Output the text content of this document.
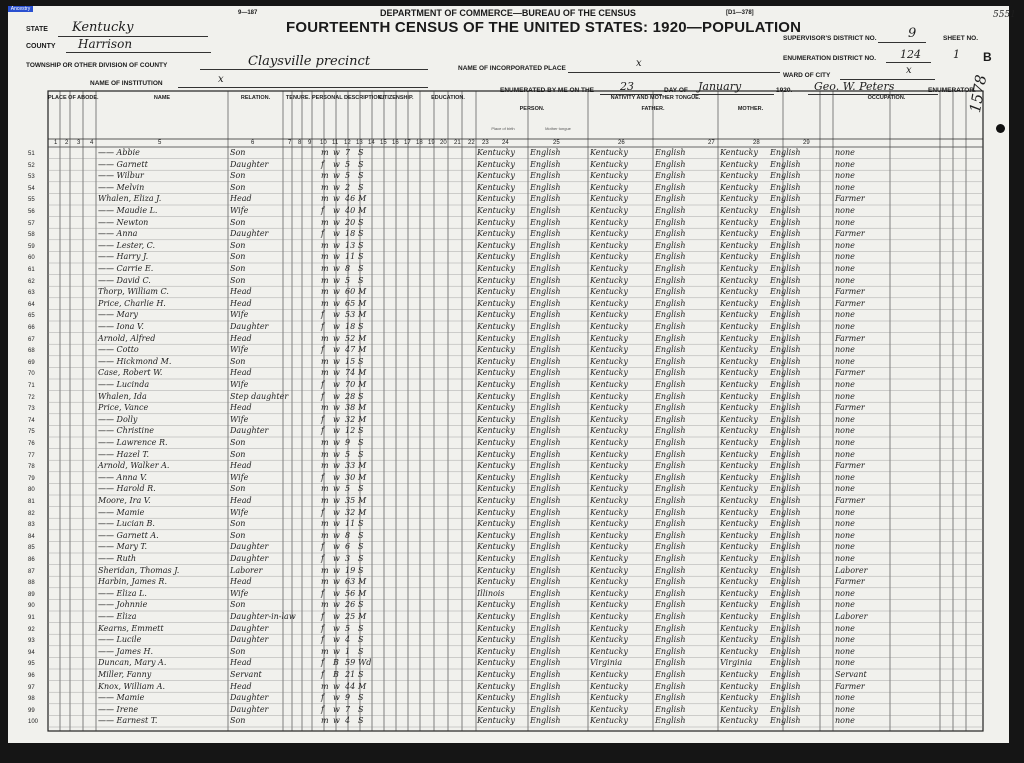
Ancestry
9—187	DEPARTMENT OF COMMERCE—BUREAU OF THE CENSUS	[D1—378]
FOURTEENTH CENSUS OF THE UNITED STATES: 1920—POPULATION
STATE Kentucky
COUNTY Harrison
TOWNSHIP OR OTHER DIVISION OF COUNTY	Claysville precinct
NAME OF INSTITUTION	x
NAME OF INCORPORATED PLACE	x
ENUMERATED BY ME ON THE 23	DAY OF January	1920. Geo. W. Peters	ENUMERATOR.
SUPERVISOR'S DISTRICT NO. 9	SHEET NO.
ENUMERATION DISTRICT NO. 124	1 B
WARD OF CITY	x
5551
1578
PLACE OF ABODE.	NAME	RELATION.	TENURE. PERSONAL DESCRIPTION.
CITIZENSHIP.	EDUCATION.	NATIVITY AND MOTHER TONGUE.
PERSON.	FATHER.	MOTHER.
OCCUPATION.
Place of birth	Mother tongue
1 2 3 4	5	6	7 8 9 10 11 12 13 14 15 16 17 18 19 20 21 22 23 24	25	26	27	28	29
51	—— Abbie	Son	m w 7 S	Kentucky English	Kentucky	English	Kentucky English	none
52	—— Garnett	Daughter	f w 5 S	Kentucky English	Kentucky	English	Kentucky English	none
53	—— Wilbur	Son	m w 5 S	Kentucky English	Kentucky	English	Kentucky English	none
54	—— Melvin	Son	m w 2 S	Kentucky English	Kentucky	English	Kentucky English	none
55	Whalen, Eliza J.	Head	m w 46 M	Kentucky English	Kentucky	English	Kentucky English	Farmer
56	—— Maudie L.	Wife	f w 40 M	Kentucky English	Kentucky	English	Kentucky English	none
57	—— Newton	Son	m w 20 S	Kentucky English	Kentucky	English	Kentucky English	none
58	—— Anna	Daughter	f w 18 S	Kentucky English	Kentucky	English	Kentucky English	Farmer
59	—— Lester, C.	Son	m w 13 S	Kentucky English	Kentucky	English	Kentucky English	none
60	—— Harry J.	Son	m w 11 S	Kentucky English	Kentucky	English	Kentucky English	none
61	—— Carrie E.	Son	m w 8 S	Kentucky English	Kentucky	English	Kentucky English	none
62	—— David C.	Son	m w 5 S	Kentucky English	Kentucky	English	Kentucky English	none
63	Thorp, William C.	Head	m w 60 M	Kentucky English	Kentucky	English	Kentucky English	Farmer
64	Price, Charlie H.	Head	m w 65 M	Kentucky English	Kentucky	English	Kentucky English	Farmer
65	—— Mary	Wife	f w 53 M	Kentucky English	Kentucky	English	Kentucky English	none
66	—— Iona V.	Daughter	f w 18 S	Kentucky English	Kentucky	English	Kentucky English	none
67	Arnold, Alfred	Head	m w 52 M	Kentucky English	Kentucky	English	Kentucky English	Farmer
68	—— Cotto	Wife	f w 47 M	Kentucky English	Kentucky	English	Kentucky English	none
69	—— Hickmond M.	Son	m w 15 S	Kentucky English	Kentucky	English	Kentucky English	none
70	Case, Robert W.	Head	m w 74 M	Kentucky English	Kentucky	English	Kentucky English	Farmer
71	—— Lucinda	Wife	f w 70 M	Kentucky English	Kentucky	English	Kentucky English	none
72	Whalen, Ida	Step daughter	f w 28 S	Kentucky English	Kentucky	English	Kentucky English	none
73	Price, Vance	Head	m w 38 M	Kentucky English	Kentucky	English	Kentucky English	Farmer
74	—— Dolly	Wife	f w 32 M	Kentucky English	Kentucky	English	Kentucky English	none
75	—— Christine	Daughter	f w 12 S	Kentucky English	Kentucky	English	Kentucky English	none
76	—— Lawrence R.	Son	m w 9 S	Kentucky English	Kentucky	English	Kentucky English	none
77	—— Hazel T.	Son	m w 5 S	Kentucky English	Kentucky	English	Kentucky English	none
78	Arnold, Walker A.	Head	m w 33 M	Kentucky English	Kentucky	English	Kentucky English	Farmer
79	—— Anna V.	Wife	f w 30 M	Kentucky English	Kentucky	English	Kentucky English	none
80	—— Harold R.	Son	m w 5 S	Kentucky English	Kentucky	English	Kentucky English	none
81	Moore, Ira V.	Head	m w 35 M	Kentucky English	Kentucky	English	Kentucky English	Farmer
82	—— Mamie	Wife	f w 32 M	Kentucky English	Kentucky	English	Kentucky English	none
83	—— Lucian B.	Son	m w 11 S	Kentucky English	Kentucky	English	Kentucky English	none
84	—— Garnett A.	Son	m w 8 S	Kentucky English	Kentucky	English	Kentucky English	none
85	—— Mary T.	Daughter	f w 6 S	Kentucky English	Kentucky	English	Kentucky English	none
86	—— Ruth	Daughter	f w 3 S	Kentucky English	Kentucky	English	Kentucky English	none
87	Sheridan, Thomas J.	Laborer	m w 19 S	Kentucky English	Kentucky	English	Kentucky English	Laborer
88	Harbin, James R.	Head	m w 63 M	Kentucky English	Kentucky	English	Kentucky English	Farmer
89	—— Eliza L.	Wife	f w 56 M	Illinois	English	Kentucky	English	Kentucky English	none
90	—— Johnnie	Son	m w 26 S	Kentucky English	Kentucky	English	Kentucky English	none
91	—— Eliza	Daughter-in-law	f w 25 M	Kentucky English	Kentucky	English	Kentucky English	Laborer
92	Kearns, Emmett	Daughter	f w 5 S	Kentucky English	Kentucky	English	Kentucky English	none
93	—— Lucile	Daughter	f w 4 S	Kentucky English	Kentucky	English	Kentucky English	none
94	—— James H.	Son	m w 1 S	Kentucky English	Kentucky	English	Kentucky English	none
95	Duncan, Mary A.	Head	f B 59 Wd	Kentucky English	Virginia	English	Virginia English	none
96	Miller, Fanny	Servant	f B 21 S	Kentucky English	Kentucky	English	Kentucky English	Servant
97	Knox, William A.	Head	m w 44 M	Kentucky English	Kentucky	English	Kentucky English	Farmer
98	—— Mamie	Daughter	f w 9 S	Kentucky English	Kentucky	English	Kentucky English	none
99	—— Irene	Daughter	f w 7 S	Kentucky English	Kentucky	English	Kentucky English	none
100	—— Earnest T.	Son	m w 4 S	Kentucky English	Kentucky	English	Kentucky English	none
